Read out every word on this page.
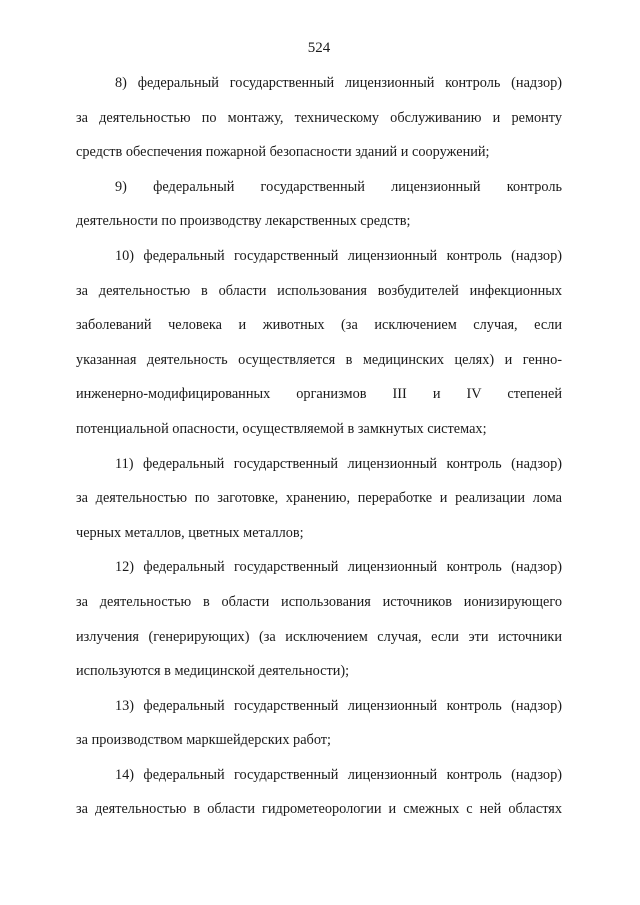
524
8) федеральный государственный лицензионный контроль (надзор)
за деятельностью по монтажу, техническому обслуживанию и ремонту
средств обеспечения пожарной безопасности зданий и сооружений;
9) федеральный государственный лицензионный контроль
деятельности по производству лекарственных средств;
10) федеральный государственный лицензионный контроль (надзор)
за деятельностью в области использования возбудителей инфекционных
заболеваний человека и животных (за исключением случая, если
указанная деятельность осуществляется в медицинских целях) и генно-
инженерно-модифицированных организмов III и IV степеней
потенциальной опасности, осуществляемой в замкнутых системах;
11) федеральный государственный лицензионный контроль (надзор)
за деятельностью по заготовке, хранению, переработке и реализации лома
черных металлов, цветных металлов;
12) федеральный государственный лицензионный контроль (надзор)
за деятельностью в области использования источников ионизирующего
излучения (генерирующих) (за исключением случая, если эти источники
используются в медицинской деятельности);
13) федеральный государственный лицензионный контроль (надзор)
за производством маркшейдерских работ;
14) федеральный государственный лицензионный контроль (надзор)
за деятельностью в области гидрометеорологии и смежных с ней областях
